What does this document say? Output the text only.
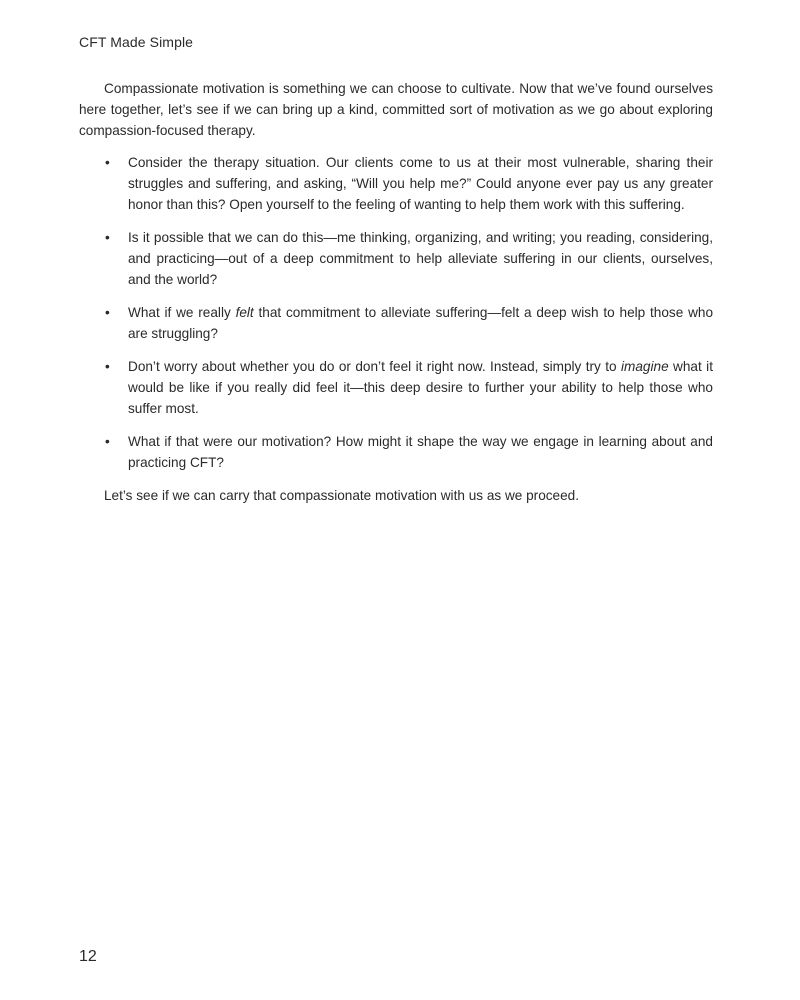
CFT Made Simple

Compassionate motivation is something we can choose to cultivate. Now that we’ve found ourselves here together, let’s see if we can bring up a kind, committed sort of motivation as we go about exploring compassion-focused therapy.

• Consider the therapy situation. Our clients come to us at their most vulnerable, sharing their struggles and suffering, and asking, “Will you help me?” Could anyone ever pay us any greater honor than this? Open yourself to the feeling of wanting to help them work with this suffering.
• Is it possible that we can do this—me thinking, organizing, and writing; you reading, considering, and practicing—out of a deep commitment to help alleviate suffering in our clients, ourselves, and the world?
• What if we really felt that commitment to alleviate suffering—felt a deep wish to help those who are struggling?
• Don’t worry about whether you do or don’t feel it right now. Instead, simply try to imagine what it would be like if you really did feel it—this deep desire to further your ability to help those who suffer most.
• What if that were our motivation? How might it shape the way we engage in learning about and practicing CFT?

Let’s see if we can carry that compassionate motivation with us as we proceed.

12
